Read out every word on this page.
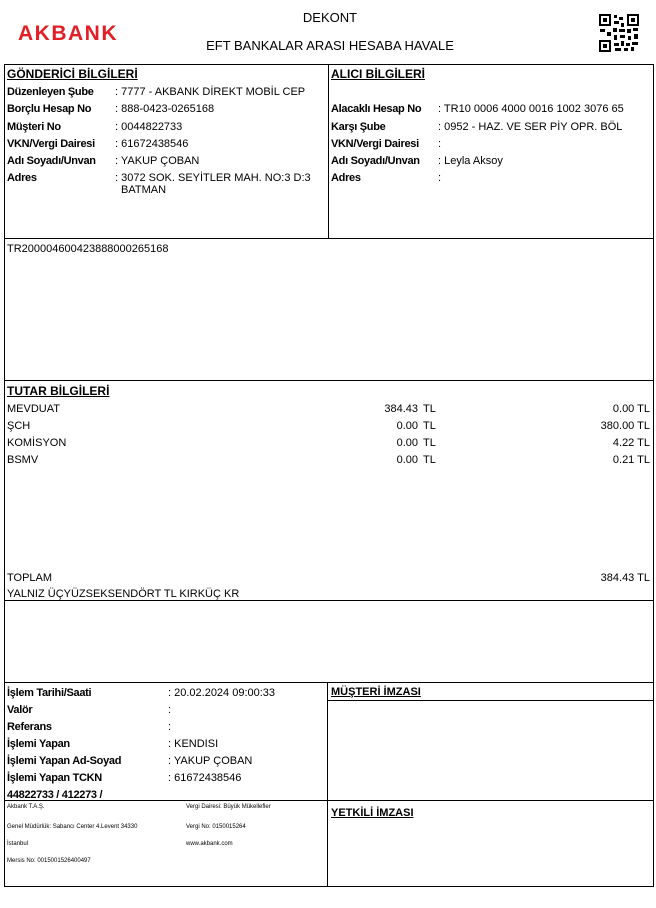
AKBANK
DEKONT
EFT BANKALAR ARASI HESABA HAVALE
GÖNDERİCİ BİLGİLERİ
Düzenleyen Şube : 7777 - AKBANK DİREKT MOBİL CEP
Borçlu Hesap No : 888-0423-0265168
Müşteri No	: 0044822733
VKN/Vergi Dairesi : 61672438546
Adı Soyadı/Unvan : YAKUP ÇOBAN
Adres	: 3072 SOK. SEYİTLER MAH. NO:3 D:3
BATMAN
ALICI BİLGİLERİ
Alacaklı Hesap No : TR10 0006 4000 0016 1002 3076 65
Karşı Şube	: 0952 - HAZ. VE SER PİY OPR. BÖL
VKN/Vergi Dairesi :
Adı Soyadı/Unvan : Leyla Aksoy
Adres	:
TR200004600423888000265168
TUTAR BİLGİLERİ
MEVDUAT	384.43 TL	0.00 TL
ŞCH	0.00 TL	380.00 TL
KOMİSYON	0.00 TL	4.22 TL
BSMV	0.00 TL	0.21 TL
TOPLAM	384.43 TL
YALNIZ ÜÇYÜZSEKSENDÖRT TL KIRKÜÇ KR
İşlem Tarihi/Saati	: 20.02.2024 09:00:33
Valör	:
Referans	:
İşlemi Yapan	: KENDISI
İşlemi Yapan Ad-Soyad	: YAKUP ÇOBAN
İşlemi Yapan TCKN	: 61672438546
44822733 / 412273 /
MÜŞTERİ İMZASI
YETKİLİ İMZASI
Akbank T.A.Ş.
Genel Müdürlük: Sabancı Center 4.Levent 34330
İstanbul
Mersis No: 0015001526400497
Vergi Dairesi: Büyük Mükellefler
Vergi No: 0150015264
www.akbank.com
